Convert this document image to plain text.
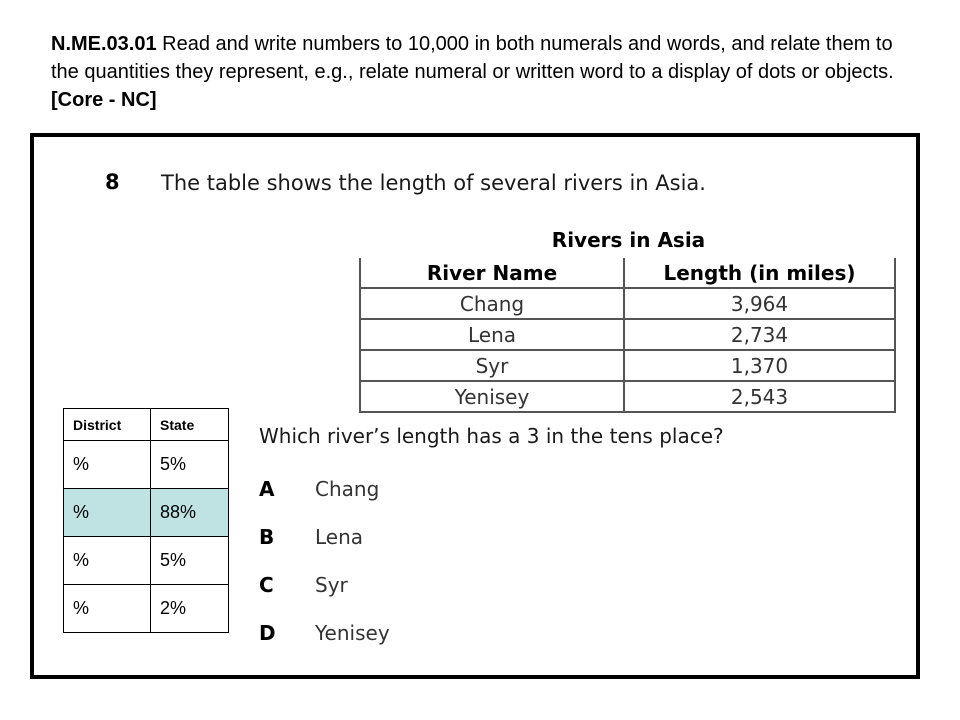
N.ME.03.01 Read and write numbers to 10,000 in both numerals and words, and relate them to the quantities they represent, e.g., relate numeral or written word to a display of dots or objects. [Core - NC]
8 The table shows the length of several rivers in Asia.
Rivers in Asia
River Name	Length (in miles)
Chang	3,964
Lena	2,734
Syr	1,370
Yenisey	2,543
Which river’s length has a 3 in the tens place?
A Chang
B Lena
C Syr
D Yenisey
District	State
%	5%
%	88%
%	5%
%	2%
